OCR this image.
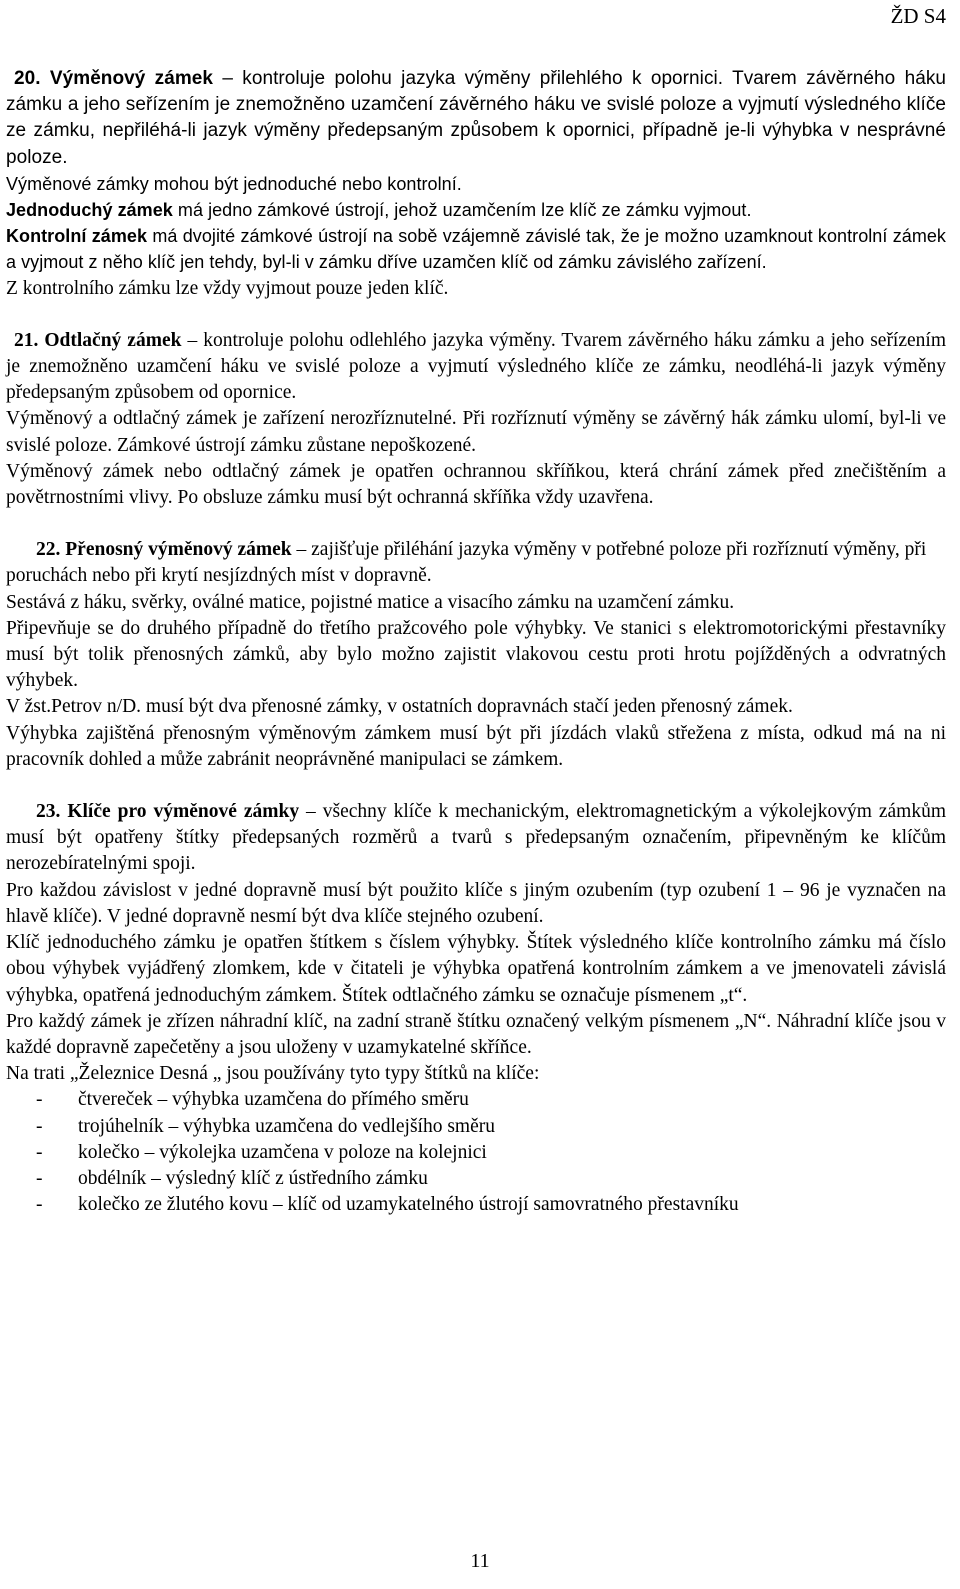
ŽD S4

20. Výměnový zámek – kontroluje polohu jazyka výměny přilehlého k opornici. Tvarem závěrného háku zámku a jeho seřízením je znemožněno uzamčení závěrného háku ve svislé poloze a vyjmutí výsledného klíče ze zámku, nepřiléhá-li jazyk výměny předepsaným způsobem k opornici, případně je-li výhybka v nesprávné poloze.

Výměnové zámky mohou být jednoduché nebo kontrolní.

Jednoduchý zámek má jedno zámkové ústrojí, jehož uzamčením lze klíč ze zámku vyjmout.

Kontrolní zámek má dvojité zámkové ústrojí na sobě vzájemně závislé tak, že je možno uzamknout kontrolní zámek a vyjmout z něho klíč jen tehdy, byl-li v zámku dříve uzamčen klíč od zámku závislého zařízení.

Z kontrolního zámku lze vždy vyjmout pouze jeden klíč.

21. Odtlačný zámek – kontroluje polohu odlehlého jazyka výměny. Tvarem závěrného háku zámku a jeho seřízením je znemožněno uzamčení háku ve svislé poloze a vyjmutí výsledného klíče ze zámku, neodléhá-li jazyk výměny předepsaným způsobem od opornice.

Výměnový a odtlačný zámek je zařízení nerozříznutelné. Při rozříznutí výměny se závěrný hák zámku ulomí, byl-li ve svislé poloze. Zámkové ústrojí zámku zůstane nepoškozené.

Výměnový zámek nebo odtlačný zámek je opatřen ochrannou skříňkou, která chrání zámek před znečištěním a povětrnostními vlivy. Po obsluze zámku musí být ochranná skříňka vždy uzavřena.

22. Přenosný výměnový zámek – zajišťuje přiléhání jazyka výměny v potřebné poloze při rozříznutí výměny, při poruchách nebo při krytí nesjízdných míst v dopravně.

Sestává z háku, svěrky, oválné matice, pojistné matice a visacího zámku na uzamčení zámku.

Připevňuje se do druhého případně do třetího pražcového pole výhybky. Ve stanici s elektromotorickými přestavníky musí být tolik přenosných zámků, aby bylo možno zajistit vlakovou cestu proti hrotu pojížděných a odvratných výhybek.

V žst.Petrov n/D. musí být dva přenosné zámky, v ostatních dopravnách stačí jeden přenosný zámek.

Výhybka zajištěná přenosným výměnovým zámkem musí být při jízdách vlaků střežena z místa, odkud má na ni pracovník dohled a může zabránit neoprávněné manipulaci se zámkem.

23. Klíče pro výměnové zámky – všechny klíče k mechanickým, elektromagnetickým a výkolejkovým zámkům musí být opatřeny štítky předepsaných rozměrů a tvarů s předepsaným označením, připevněným ke klíčům nerozebíratelnými spoji.

Pro každou závislost v jedné dopravně musí být použito klíče s jiným ozubením (typ ozubení 1 – 96 je vyznačen na hlavě klíče). V jedné dopravně nesmí být dva klíče stejného ozubení.

Klíč jednoduchého zámku je opatřen štítkem s číslem výhybky. Štítek výsledného klíče kontrolního zámku má číslo obou výhybek vyjádřený zlomkem, kde v čitateli je výhybka opatřená kontrolním zámkem a ve jmenovateli závislá výhybka, opatřená jednoduchým zámkem. Štítek odtlačného zámku se označuje písmenem „t“.

Pro každý zámek je zřízen náhradní klíč, na zadní straně štítku označený velkým písmenem „N“. Náhradní klíče jsou v každé dopravně zapečetěny a jsou uloženy v uzamykatelné skříňce.

Na trati „Železnice Desná „ jsou používány tyto typy štítků na klíče:

- čtvereček – výhybka uzamčena do přímého směru
- trojúhelník – výhybka uzamčena do vedlejšího směru
- kolečko – výkolejka uzamčena v poloze na kolejnici
- obdélník – výsledný klíč z ústředního zámku
- kolečko ze žlutého kovu – klíč od uzamykatelného ústrojí samovratného přestavníku
11
